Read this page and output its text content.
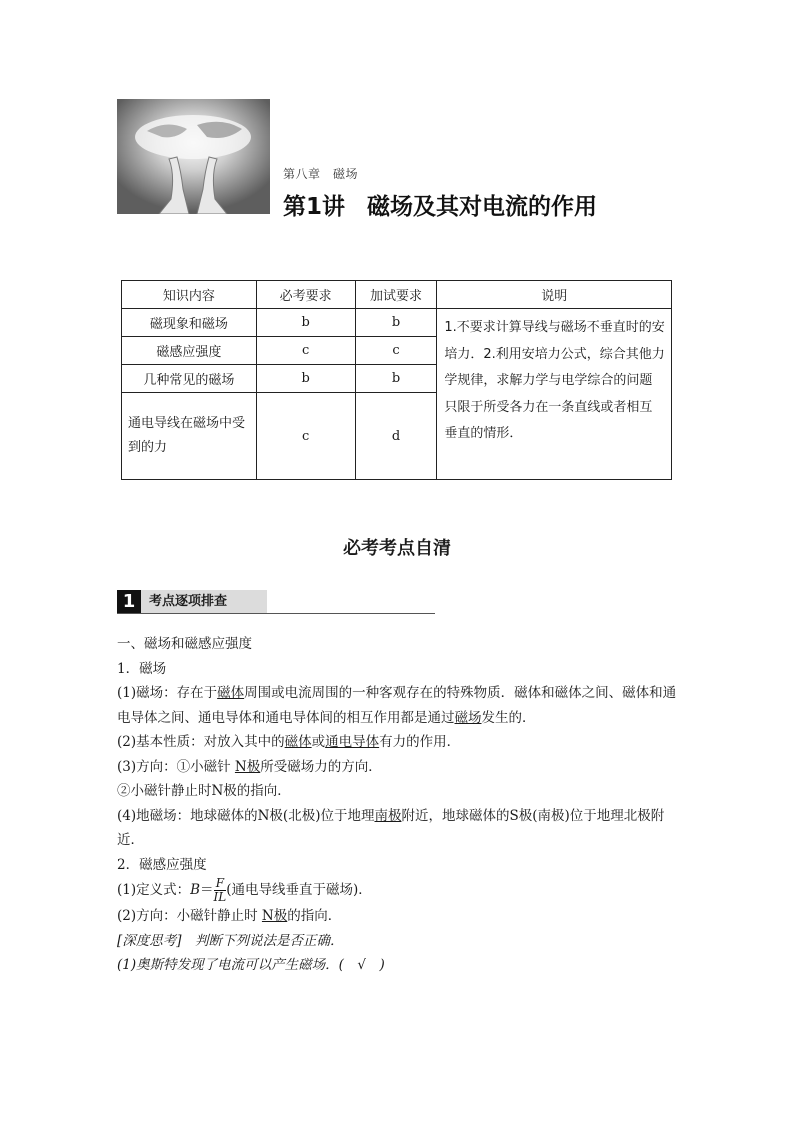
第八章　磁场
第1讲 磁场及其对电流的作用
知识内容	必考要求	加试要求	说明
磁现象和磁场	b	b	1.不要求计算导线与磁场不垂直时的安培力．2.利用安培力公式，综合其他力学规律，求解力学与电学综合的问题只限于所受各力在一条直线或者相互垂直的情形．
磁感应强度	c	c	
几种常见的磁场	b	b	
通电导线在磁场中受到的力	c	d	
必考考点自清
1	考点逐项排查

一、磁场和磁感应强度

1．磁场

(1)磁场：存在于磁体周围或电流周围的一种客观存在的特殊物质．磁体和磁体之间、磁体和通电导体之间、通电导体和通电导体间的相互作用都是通过磁场发生的．

(2)基本性质：对放入其中的磁体或通电导体有力的作用．

(3)方向：①小磁针 N极所受磁场力的方向．

②小磁针静止时N极的指向．

(4)地磁场：地球磁体的N极(北极)位于地理南极附近，地球磁体的S极(南极)位于地理北极附近．

2．磁感应强度

(1)定义式：$B= \frac{F}{IL}$ (通电导线垂直于磁场)．

(2)方向：小磁针静止时 N极的指向．

[深度思考]　判断下列说法是否正确．

(1)奥斯特发现了电流可以产生磁场．(　√　)
